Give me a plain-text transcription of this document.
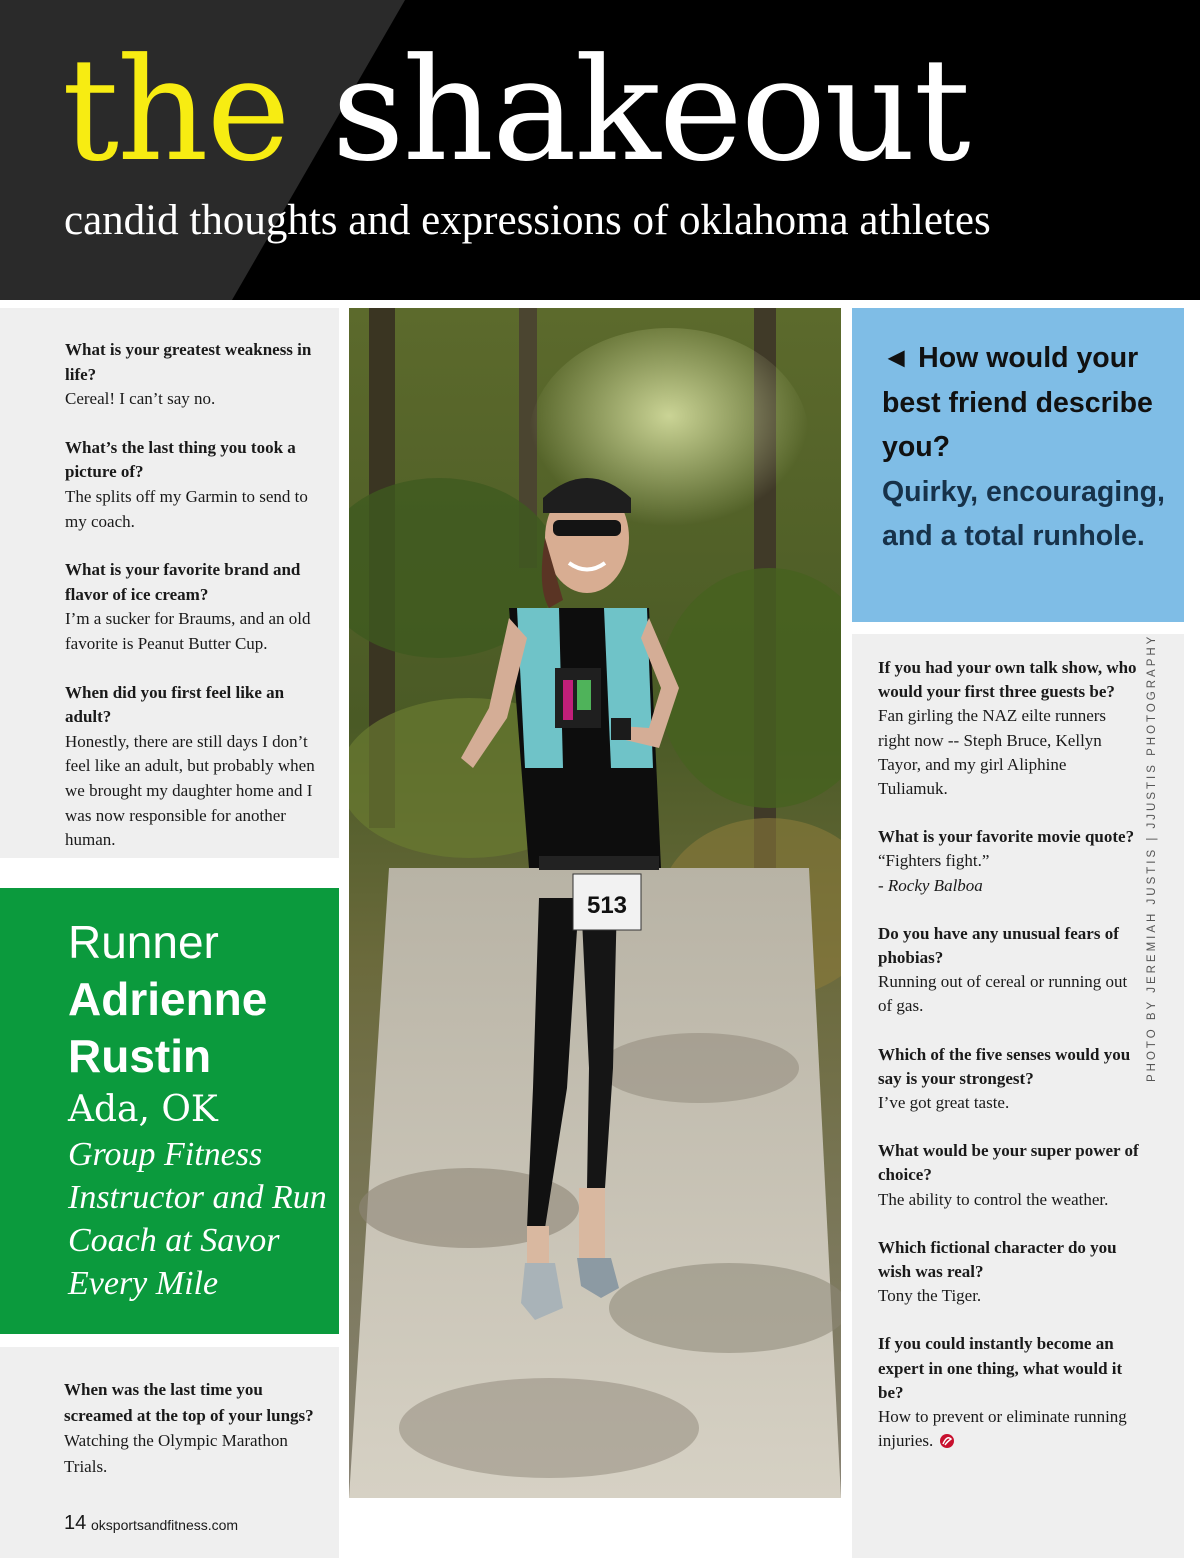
the shakeout
candid thoughts and expressions of oklahoma athletes

What is your greatest weakness in life?

Cereal! I can’t say no.

What’s the last thing you took a picture of?

The splits off my Garmin to send to my coach.

What is your favorite brand and flavor of ice cream?

I’m a sucker for Braums, and an old favorite is Peanut Butter Cup.

When did you first feel like an adult?

Honestly, there are still days I don’t feel like an adult, but probably when we brought my daughter home and I was now responsible for another human.

Runner
Adrienne
Rustin
Ada, OK
Group Fitness Instructor and Run Coach at Savor Every Mile

When was the last time you screamed at the top of your lungs?

Watching the Olympic Marathon Trials.

14 oksportsandfitness.com
513

◄ How would your best friend describe you?

Quirky, encouraging, and a total runhole.

If you had your own talk show, who would your first three guests be?

Fan girling the NAZ eilte runners right now -- Steph Bruce, Kellyn Tayor, and my girl Aliphine Tuliamuk.

What is your favorite movie quote?

“Fighters fight.”

- Rocky Balboa

Do you have any unusual fears of phobias?

Running out of cereal or running out of gas.

Which of the five senses would you say is your strongest?

I’ve got great taste.

What would be your super power of choice?

The ability to control the weather.

Which fictional character do you wish was real?

Tony the Tiger.

If you could instantly become an expert in one thing, what would it be?

How to prevent or eliminate running injuries.

PHOTO BY JEREMIAH JUSTIS | JJUSTIS PHOTOGRAPHY
